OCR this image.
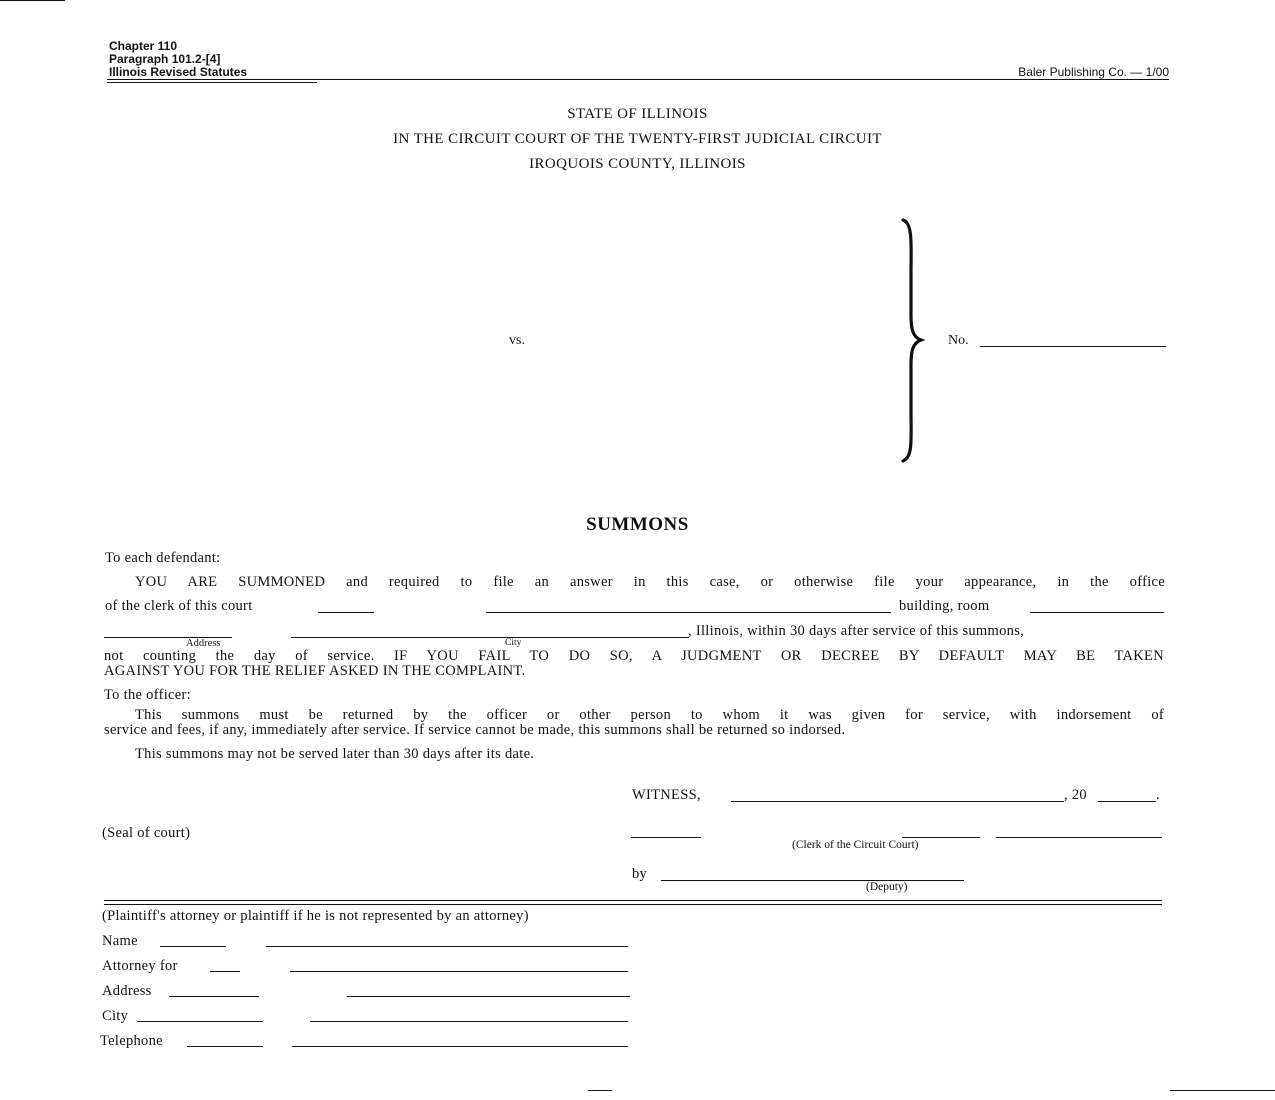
Chapter 110
Paragraph 101.2-[4]
Illinois Revised Statutes	Baler Publishing Co. — 1/00
STATE OF ILLINOIS
IN THE CIRCUIT COURT OF THE TWENTY-FIRST JUDICIAL CIRCUIT
IROQUOIS COUNTY, ILLINOIS
vs.	No.
SUMMONS
To each defendant:
YOU ARE SUMMONED and required to file an answer in this case, or otherwise file your appearance, in the office
of the clerk of this court	building, room
Address	City
, Illinois, within 30 days after service of this summons,
not counting the day of service. IF YOU FAIL TO DO SO, A JUDGMENT OR DECREE BY DEFAULT MAY BE TAKEN
AGAINST YOU FOR THE RELIEF ASKED IN THE COMPLAINT.
To the officer:
This summons must be returned by the officer or other person to whom it was given for service, with indorsement of
service and fees, if any, immediately after service. If service cannot be made, this summons shall be returned so indorsed.
This summons may not be served later than 30 days after its date.
WITNESS,	, 20	.
(Seal of court)
(Clerk of the Circuit Court)
by
(Deputy)
(Plaintiff's attorney or plaintiff if he is not represented by an attorney)
Name
Attorney for
Address
City
Telephone
